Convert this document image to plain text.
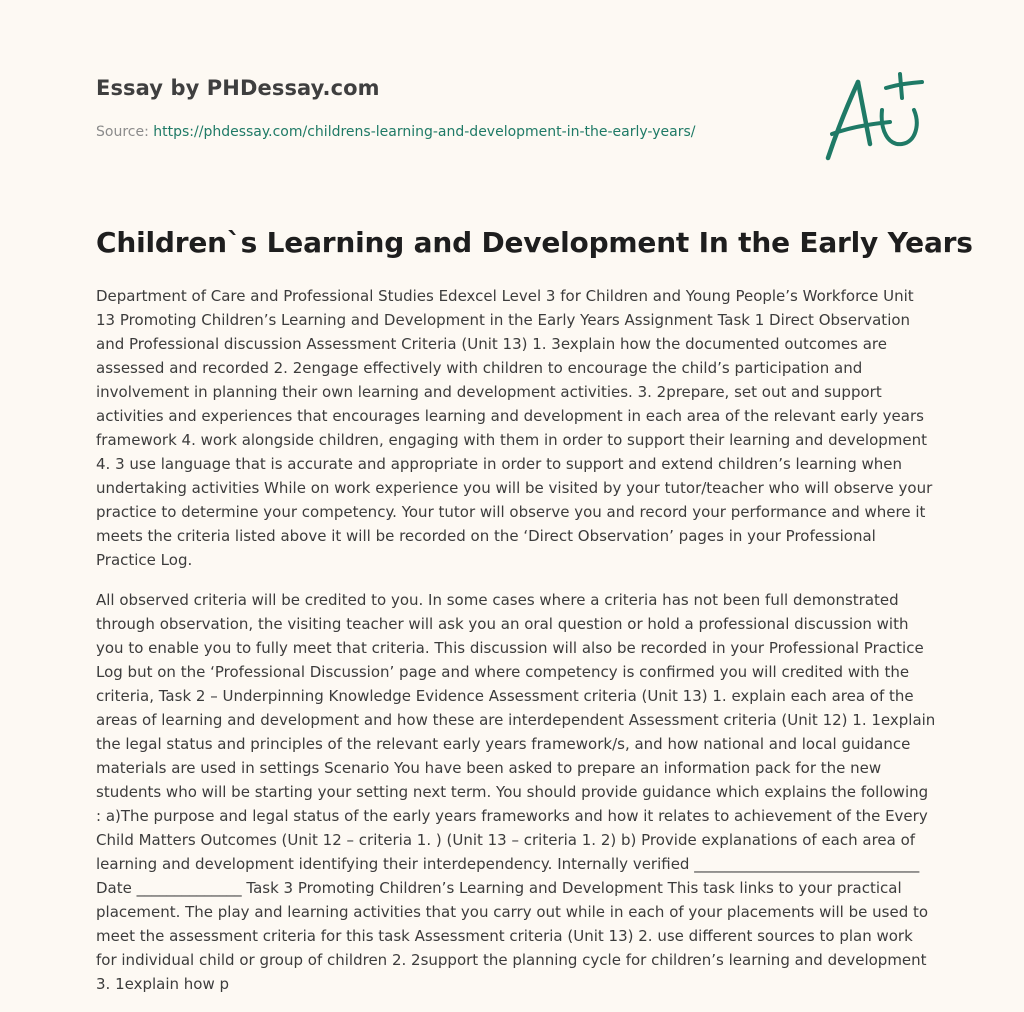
Essay by PHDessay.com
Source: https://phdessay.com/childrens-learning-and-development-in-the-early-years/
Children`s Learning and Development In the Early Years

Department of Care and Professional Studies Edexcel Level 3 for Children and Young People’s Workforce Unit 13 Promoting Children’s Learning and Development in the Early Years Assignment Task 1 Direct Observation and Professional discussion Assessment Criteria (Unit 13) 1. 3explain how the documented outcomes are assessed and recorded 2. 2engage effectively with children to encourage the child’s participation and involvement in planning their own learning and development activities. 3. 2prepare, set out and support activities and experiences that encourages learning and development in each area of the relevant early years framework 4. work alongside children, engaging with them in order to support their learning and development 4. 3 use language that is accurate and appropriate in order to support and extend children’s learning when undertaking activities While on work experience you will be visited by your tutor/teacher who will observe your practice to determine your competency. Your tutor will observe you and record your performance and where it meets the criteria listed above it will be recorded on the ‘Direct Observation’ pages in your Professional Practice Log.

All observed criteria will be credited to you. In some cases where a criteria has not been full demonstrated through observation, the visiting teacher will ask you an oral question or hold a professional discussion with you to enable you to fully meet that criteria. This discussion will also be recorded in your Professional Practice Log but on the ‘Professional Discussion’ page and where competency is confirmed you will credited with the criteria, Task 2 – Underpinning Knowledge Evidence Assessment criteria (Unit 13) 1. explain each area of the areas of learning and development and how these are interdependent Assessment criteria (Unit 12) 1. 1explain the legal status and principles of the relevant early years framework/s, and how national and local guidance materials are used in settings Scenario You have been asked to prepare an information pack for the new students who will be starting your setting next term. You should provide guidance which explains the following : a)The purpose and legal status of the early years frameworks and how it relates to achievement of the Every Child Matters Outcomes (Unit 12 – criteria 1. ) (Unit 13 – criteria 1. 2) b) Provide explanations of each area of learning and development identifying their interdependency. Internally verified ______________________________ Date ______________ Task 3 Promoting Children’s Learning and Development This task links to your practical placement. The play and learning activities that you carry out while in each of your placements will be used to meet the assessment criteria for this task Assessment criteria (Unit 13) 2. use different sources to plan work for individual child or group of children 2. 2support the planning cycle for children’s learning and development 3. 1explain how p
